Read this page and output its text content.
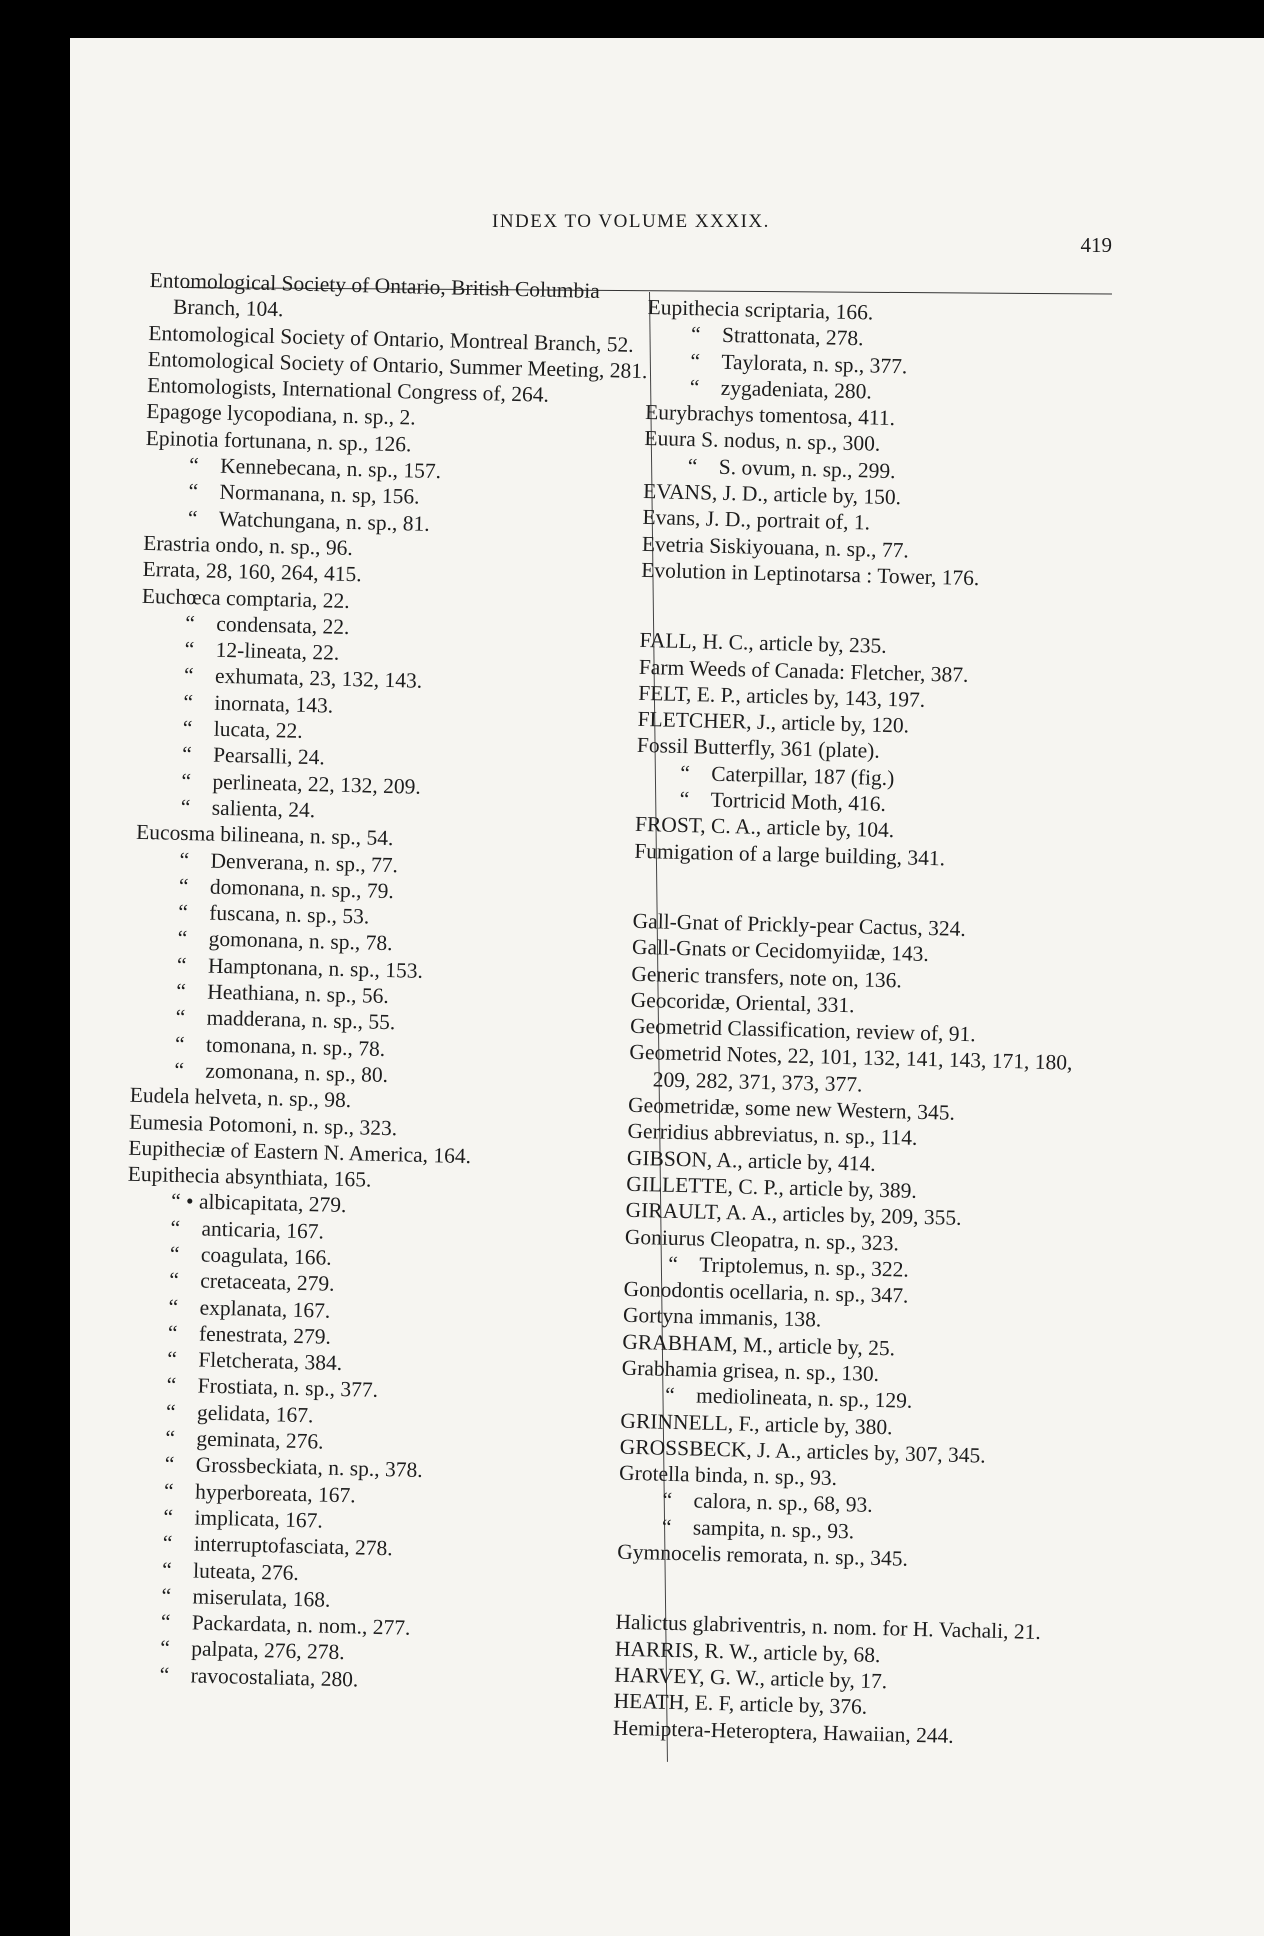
INDEX TO VOLUME XXXIX.
419
Entomological Society of Ontario, British Columbia Branch, 104.
Entomological Society of Ontario, Montreal Branch, 52.
Entomological Society of Ontario, Summer Meeting, 281.
Entomologists, International Congress of, 264.
Epagoge lycopodiana, n. sp., 2.
Epinotia fortunana, n. sp., 126.
“ Kennebecana, n. sp., 157.
“ Normanana, n. sp, 156.
“ Watchungana, n. sp., 81.
Erastria ondo, n. sp., 96.
Errata, 28, 160, 264, 415.
Euchœca comptaria, 22.
“ condensata, 22.
“ 12-lineata, 22.
“ exhumata, 23, 132, 143.
“ inornata, 143.
“ lucata, 22.
“ Pearsalli, 24.
“ perlineata, 22, 132, 209.
“ salienta, 24.
Eucosma bilineana, n. sp., 54.
“ Denverana, n. sp., 77.
“ domonana, n. sp., 79.
“ fuscana, n. sp., 53.
“ gomonana, n. sp., 78.
“ Hamptonana, n. sp., 153.
“ Heathiana, n. sp., 56.
“ madderana, n. sp., 55.
“ tomonana, n. sp., 78.
“ zomonana, n. sp., 80.
Eudela helveta, n. sp., 98.
Eumesia Potomoni, n. sp., 323.
Eupitheciæ of Eastern N. America, 164.
Eupithecia absynthiata, 165.
“ • albicapitata, 279.
“ anticaria, 167.
“ coagulata, 166.
“ cretaceata, 279.
“ explanata, 167.
“ fenestrata, 279.
“ Fletcherata, 384.
“ Frostiata, n. sp., 377.
“ gelidata, 167.
“ geminata, 276.
“ Grossbeckiata, n. sp., 378.
“ hyperboreata, 167.
“ implicata, 167.
“ interruptofasciata, 278.
“ luteata, 276.
“ miserulata, 168.
“ Packardata, n. nom., 277.
“ palpata, 276, 278.
“ ravocostaliata, 280.
Eupithecia scriptaria, 166.
“ Strattonata, 278.
“ Taylorata, n. sp., 377.
“ zygadeniata, 280.
Eurybrachys tomentosa, 411.
Euura S. nodus, n. sp., 300.
“ S. ovum, n. sp., 299.
EVANS, J. D., article by, 150.
Evans, J. D., portrait of, 1.
Evetria Siskiyouana, n. sp., 77.
Evolution in Leptinotarsa : Tower, 176.
FALL, H. C., article by, 235.
Farm Weeds of Canada: Fletcher, 387.
FELT, E. P., articles by, 143, 197.
FLETCHER, J., article by, 120.
Fossil Butterfly, 361 (plate).
“ Caterpillar, 187 (fig.)
“ Tortricid Moth, 416.
FROST, C. A., article by, 104.
Fumigation of a large building, 341.
Gall-Gnat of Prickly-pear Cactus, 324.
Gall-Gnats or Cecidomyiidæ, 143.
Generic transfers, note on, 136.
Geocoridæ, Oriental, 331.
Geometrid Classification, review of, 91.
Geometrid Notes, 22, 101, 132, 141, 143, 171, 180, 209, 282, 371, 373, 377.
Geometridæ, some new Western, 345.
Gerridius abbreviatus, n. sp., 114.
GIBSON, A., article by, 414.
GILLETTE, C. P., article by, 389.
GIRAULT, A. A., articles by, 209, 355.
Goniurus Cleopatra, n. sp., 323.
“ Triptolemus, n. sp., 322.
Gonodontis ocellaria, n. sp., 347.
Gortyna immanis, 138.
GRABHAM, M., article by, 25.
Grabhamia grisea, n. sp., 130.
“ mediolineata, n. sp., 129.
GRINNELL, F., article by, 380.
GROSSBECK, J. A., articles by, 307, 345.
Grotella binda, n. sp., 93.
“ calora, n. sp., 68, 93.
“ sampita, n. sp., 93.
Gymnocelis remorata, n. sp., 345.
Halictus glabriventris, n. nom. for H. Vachali, 21.
HARRIS, R. W., article by, 68.
HARVEY, G. W., article by, 17.
HEATH, E. F, article by, 376.
Hemiptera-Heteroptera, Hawaiian, 244.
